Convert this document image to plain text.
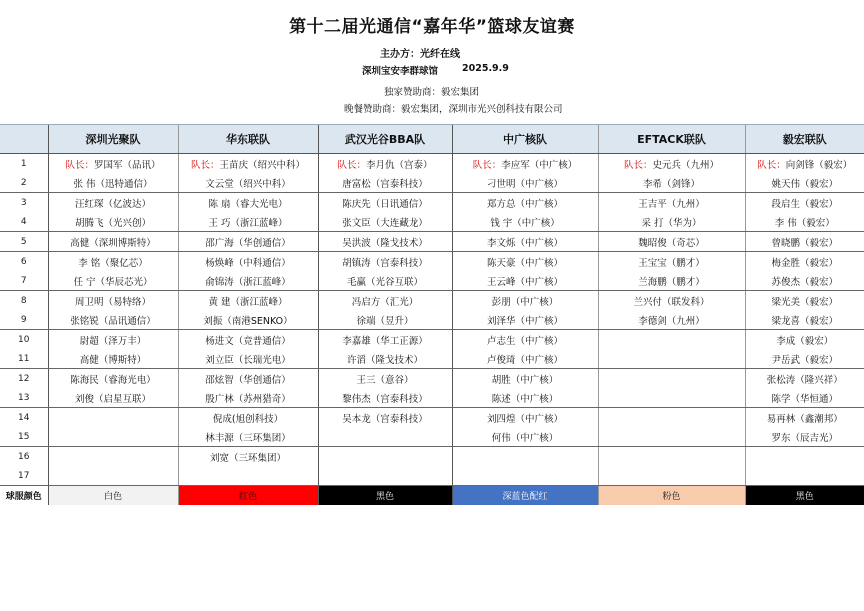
第十二届光通信“嘉年华”篮球友谊赛
主办方：光纤在线
深圳宝安李群球馆	2025.9.9
独家赞助商：毅宏集团
晚餐赞助商：毅宏集团，深圳市光兴创科技有限公司
	深圳光聚队	华东联队	武汉光谷BBA队	中广核队	EFTACK联队	毅宏联队
1	队长：罗国军（品讯）	队长：王苗庆（绍兴中科）	队长：李月仇（宫泰）	队长：李应军（中广核）	队长：史元兵（九州）	队长：向剑锋（毅宏）
2	张 伟（迅特通信）	文云堂（绍兴中科）	唐富松（宫泰科技）	刁世明（中广核）	李希（剑锋）	姚天伟（毅宏）
3	汪红琛（亿波达）	陈 扇（睿大光电）	陈庆先（日讯通信）	郑方总（中广核）	王吉平（九州）	段启生（毅宏）
4	胡腾飞（光兴创）	王 巧（浙江蓝峰）	张文臣（大连藏龙）	钱 宇（中广核）	采 打（华为）	李 伟（毅宏）
5	高健（深圳博斯特）	邵广海（华创通信）	吴洪波（隆戈技术）	李文烁（中广核）	魏昭俊（奇芯）	曾晓鹏（毅宏）
6	李 铭（聚亿芯）	杨焕峰（中科通信）	胡镇涛（宫泰科技）	陈天豪（中广核）	王宝宝（鹏才）	梅金胜（毅宏）
7	任 宁（华辰芯光）	俞锦涛（浙江蓝峰）	毛赢（光谷互联）	王云峰（中广核）	兰海鹏（鹏才）	苏俊杰（毅宏）
8	周卫明（易特络）	黄 建（浙江蓝峰）	冯启方（汇光）	彭朋（中广核）	兰兴付（联发科）	梁光美（毅宏）
9	张铭锐（品讯通信）	刘振（南港SENKO）	徐端（昱升）	刘泽华（中广核）	李德剑（九州）	梁龙喜（毅宏）
10	尉超（泽万丰）	杨进文（竞普通信）	李嘉雄（华工正源）	卢志生（中广核）		李成（毅宏）
11	高健（博斯特）	刘立臣（长瑞光电）	许滔（隆戈技术）	卢俊琦（中广核）		尹岳武（毅宏）
12	陈海民（睿海光电）	邵炫智（华创通信）	王三（意谷）	胡胜（中广核）		张松涛（隆兴祥）
13	刘俊（启星互联）	殷广林（苏州猎奇）	黎伟杰（宫泰科技）	陈述（中广核）		陈学（华恒通）
14		倪成(旭创科技）	吴本龙（宫泰科技）	刘四煌（中广核）		易再林（鑫潮邦）
15		林丰源（三环集团）		何伟（中广核）		罗东（辰吉光）
16		刘宽（三环集团）				
17						
球服颜色	白色	红色	黑色	深蓝色配红	粉色	黑色
